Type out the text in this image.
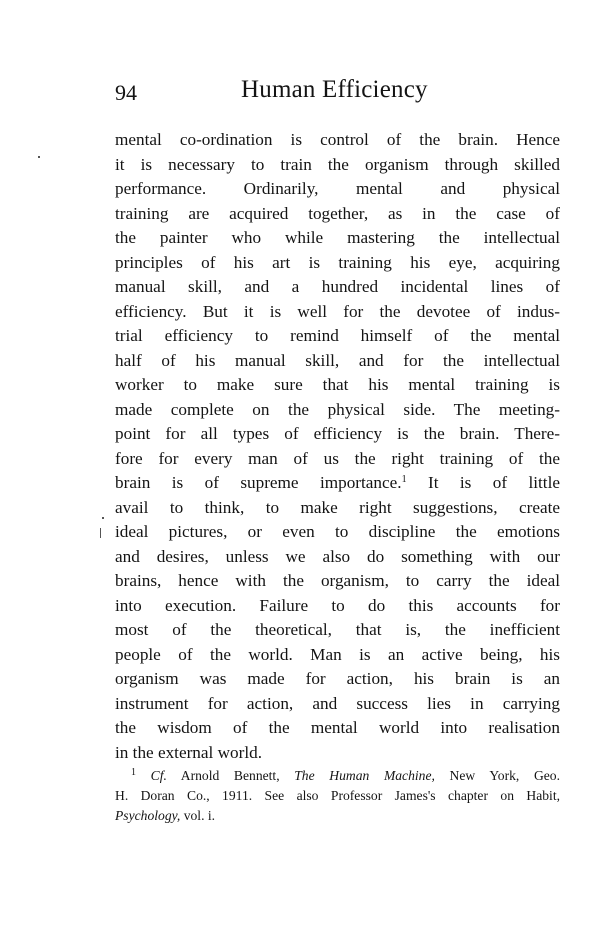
94	Human Efficiency
mental co-ordination is control of the brain. Hence
it is necessary to train the organism through skilled
performance. Ordinarily, mental and physical
training are acquired together, as in the case of
the painter who while mastering the intellectual
principles of his art is training his eye, acquiring
manual skill, and a hundred incidental lines of
efficiency. But it is well for the devotee of indus-
trial efficiency to remind himself of the mental
half of his manual skill, and for the intellectual
worker to make sure that his mental training is
made complete on the physical side. The meeting-
point for all types of efficiency is the brain. There-
fore for every man of us the right training of the
brain is of supreme importance.$^1$ It is of little
avail to think, to make right suggestions, create
ideal pictures, or even to discipline the emotions
and desires, unless we also do something with our
brains, hence with the organism, to carry the ideal
into execution. Failure to do this accounts for
most of the theoretical, that is, the inefficient
people of the world. Man is an active being, his
organism was made for action, his brain is an
instrument for action, and success lies in carrying
the wisdom of the mental world into realisation
in the external world.
$^1$ Cf. Arnold Bennett, The Human Machine, New York, Geo.
H. Doran Co., 1911. See also Professor James's chapter on Habit,
Psychology, vol. i.
